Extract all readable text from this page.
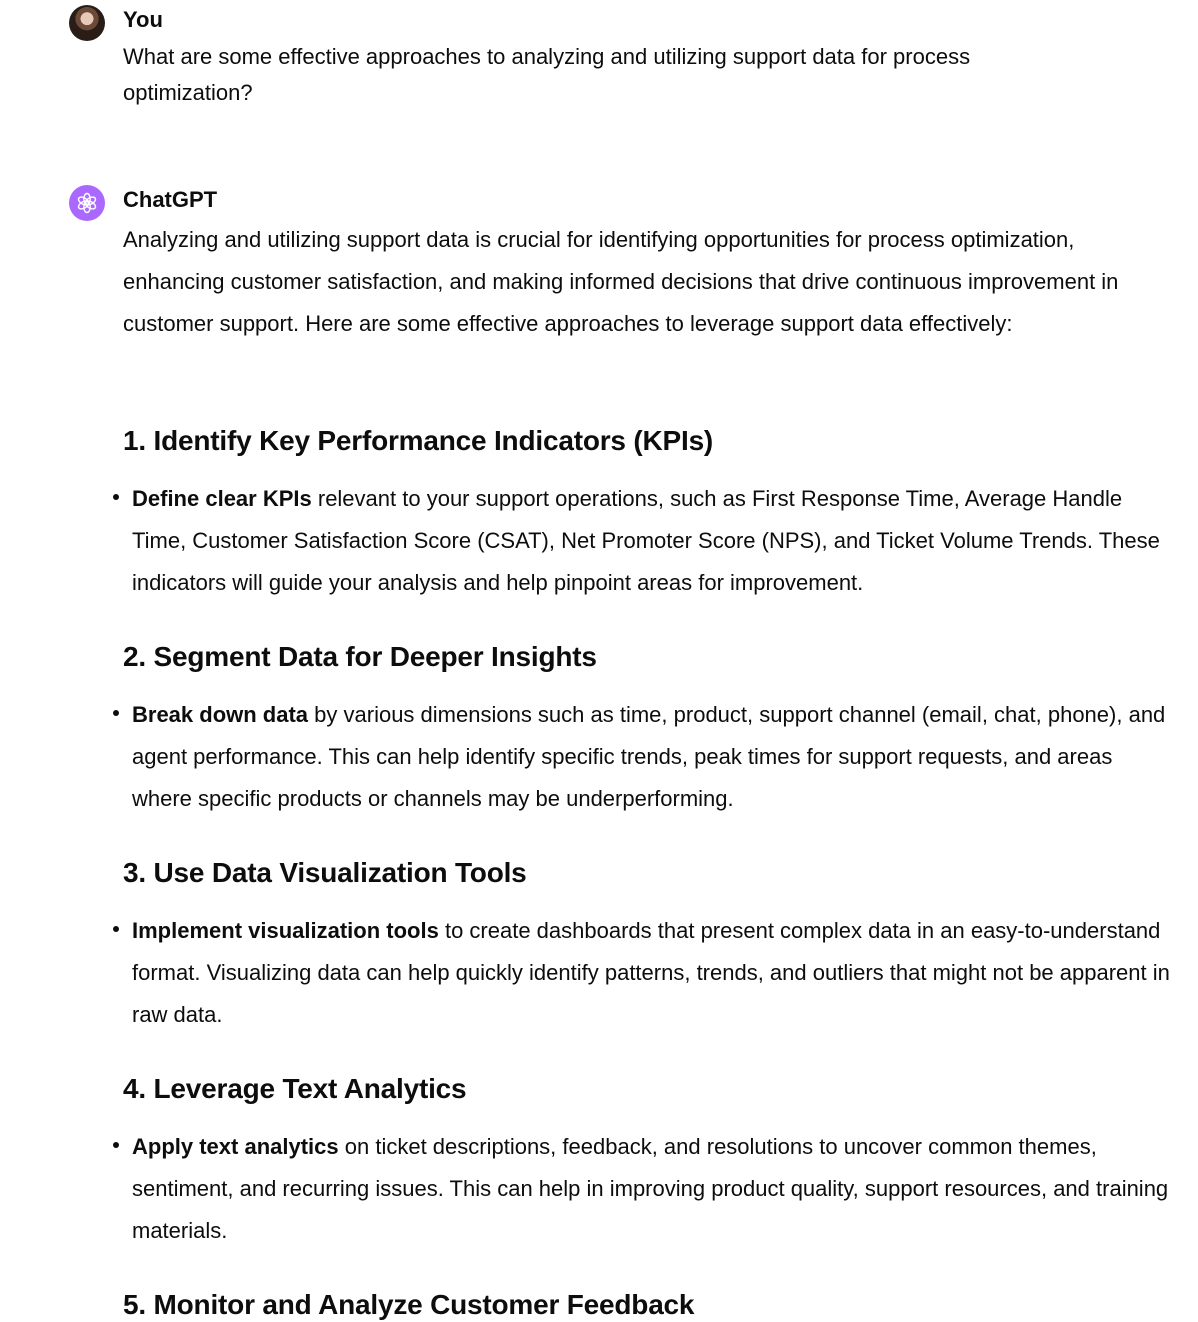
You
What are some effective approaches to analyzing and utilizing support data for process optimization?
ChatGPT

Analyzing and utilizing support data is crucial for identifying opportunities for process optimization, enhancing customer satisfaction, and making informed decisions that drive continuous improvement in customer support. Here are some effective approaches to leverage support data effectively:

1. Identify Key Performance Indicators (KPIs)
Define clear KPIs relevant to your support operations, such as First Response Time, Average Handle Time, Customer Satisfaction Score (CSAT), Net Promoter Score (NPS), and Ticket Volume Trends. These indicators will guide your analysis and help pinpoint areas for improvement.
2. Segment Data for Deeper Insights
Break down data by various dimensions such as time, product, support channel (email, chat, phone), and agent performance. This can help identify specific trends, peak times for support requests, and areas where specific products or channels may be underperforming.
3. Use Data Visualization Tools
Implement visualization tools to create dashboards that present complex data in an easy-to-understand format. Visualizing data can help quickly identify patterns, trends, and outliers that might not be apparent in raw data.
4. Leverage Text Analytics
Apply text analytics on ticket descriptions, feedback, and resolutions to uncover common themes, sentiment, and recurring issues. This can help in improving product quality, support resources, and training materials.
5. Monitor and Analyze Customer Feedback
